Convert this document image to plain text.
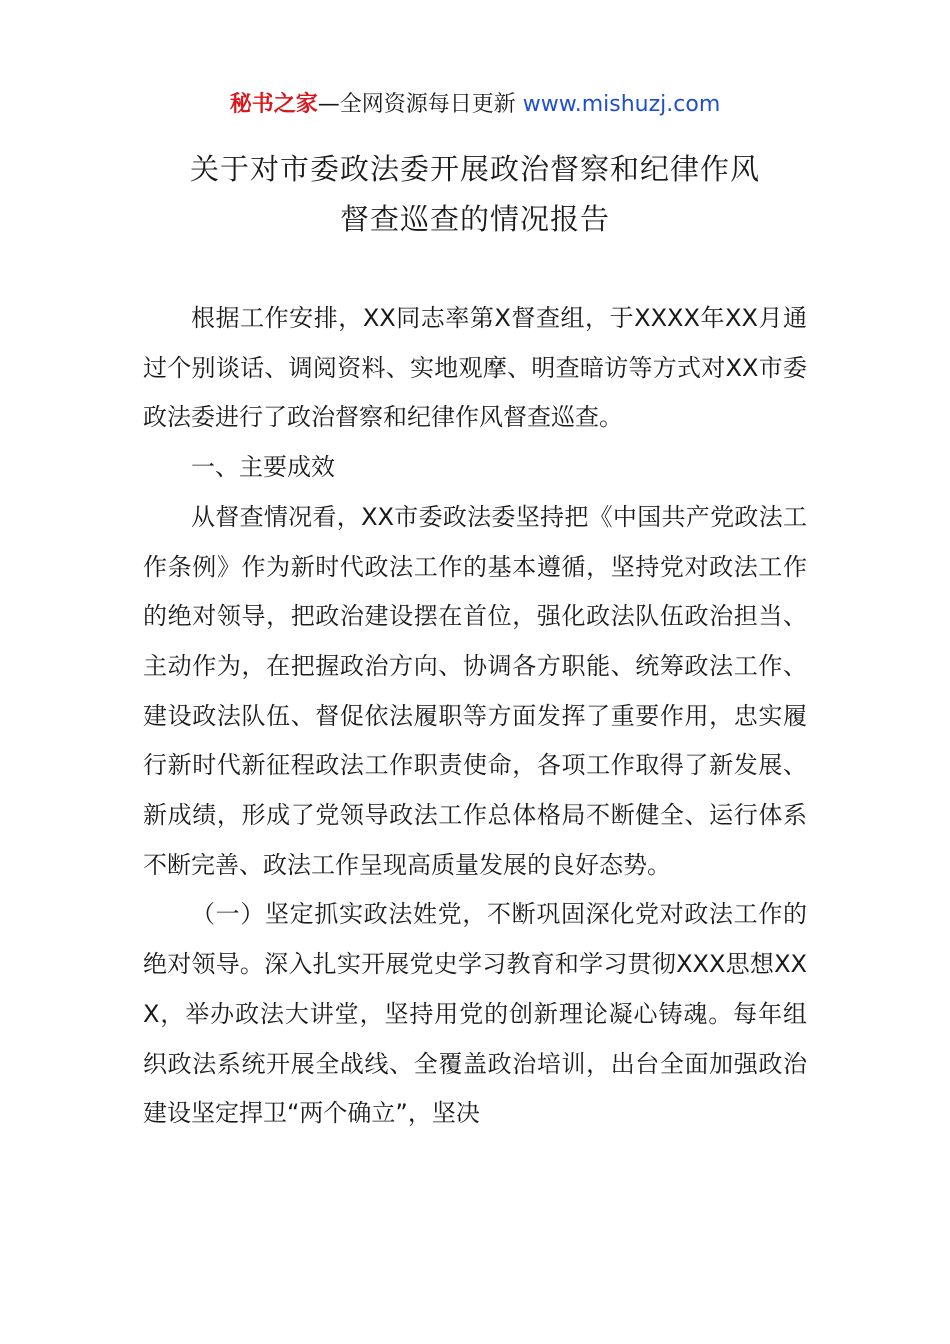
秘书之家—全网资源每日更新 www.mishuzj.com
关于对市委政法委开展政治督察和纪律作风
督查巡查的情况报告

根据工作安排，XX同志率第X督查组，于XXXX年XX月通过个别谈话、调阅资料、实地观摩、明查暗访等方式对XX市委政法委进行了政治督察和纪律作风督查巡查。

一、主要成效

从督查情况看，XX市委政法委坚持把《中国共产党政法工作条例》作为新时代政法工作的基本遵循，坚持党对政法工作的绝对领导，把政治建设摆在首位，强化政法队伍政治担当、主动作为，在把握政治方向、协调各方职能、统筹政法工作、建设政法队伍、督促依法履职等方面发挥了重要作用，忠实履行新时代新征程政法工作职责使命，各项工作取得了新发展、新成绩，形成了党领导政法工作总体格局不断健全、运行体系不断完善、政法工作呈现高质量发展的良好态势。

（一）坚定抓实政法姓党，不断巩固深化党对政法工作的绝对领导。深入扎实开展党史学习教育和学习贯彻XXX思想XXX，举办政法大讲堂，坚持用党的创新理论凝心铸魂。每年组织政法系统开展全战线、全覆盖政治培训，出台全面加强政治建设坚定捍卫“两个确立”，坚决
